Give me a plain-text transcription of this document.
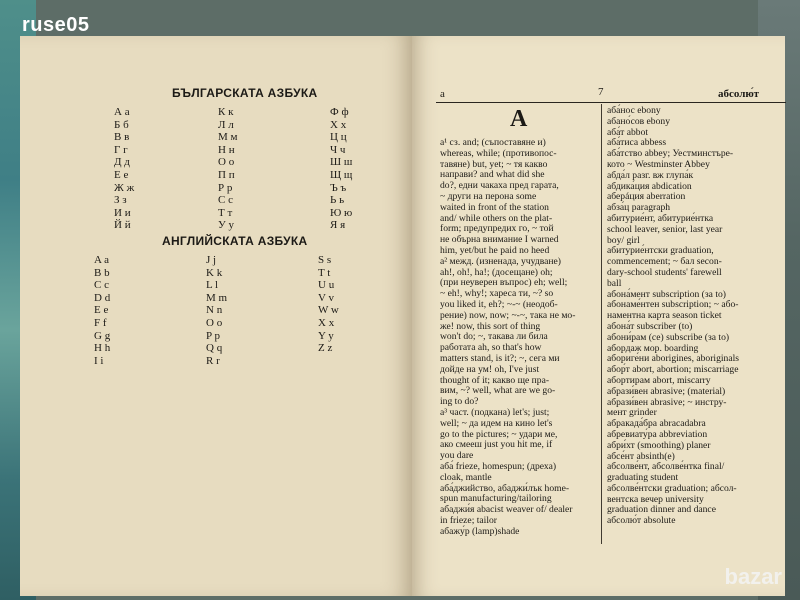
ruse05
bazar
БЪЛГАРСКАТА АЗБУКА
А а
Б б
В в
Г г
Д д
Е е
Ж ж
З з
И и
Й й
К к
Л л
М м
Н н
О о
П п
Р р
С с
Т т
У у
Ф ф
Х х
Ц ц
Ч ч
Ш ш
Щ щ
Ъ ъ
Ь ь
Ю ю
Я я
АНГЛИЙСКАТА АЗБУКА
A a
B b
C c
D d
E e
F f
G g
H h
I i
J j
K k
L l
M m
N n
O o
P p
Q q
R r
S s
T t
U u
V v
W w
X x
Y y
Z z
а	7	абсолю́т
А

а¹ сз. and; (съпоставяне и)

whereas, while; (противопос-

тавяне) but, yet; ~ тя какво

направи? and what did she

do?, едни чакаха пред гарата,

~ други на перона some

waited in front of the station

and/ while others on the plat-

form; предупредих го, ~ той

не обърна внимание I warned

him, yet/but he paid no heed

а² межд. (изненада, учудване)

ah!, oh!, ha!; (досещане) oh;

(при неуверен въпрос) eh; well;

~ eh!, why!; хареса ти, ~? so

you liked it, eh?; ~-~ (неодоб-

рение) now, now; ~-~, така не мо-

же! now, this sort of thing

won't do; ~, такава ли била

работата ah, so that's how

matters stand, is it?; ~, сега ми

дойде на ум! oh, I've just

thought of it; какво ще пра-

вим, ~? well, what are we go-

ing to do?

а³ част. (подкана) let's; just;

well; ~ да идем на кино let's

go to the pictures; ~ удари ме,

ако смееш just you hit me, if

you dare

аба́ frieze, homespun; (дреха)

cloak, mantle

аба́джийство, абаджи́лък home-

spun manufacturing/tailoring

абаджи́я abacist weaver of/ dealer

in frieze; tailor

абажу́р (lamp)shade

аба́нос ebony

абано́сов ebony

аба́т abbot

аба́тиса abbess

аба́тство abbey; Уестминстъре-

кото ~ Westminster Abbey

абда́л разг. вж глупа́к

абдика́ция abdication

аберáция aberration

абза́ц paragraph

абитурие́нт, абитурие́нтка

school leaver, senior, last year

boy/ girl

абитурие́нтски graduation,

commencement; ~ бал secon-

dary-school students' farewell

ball

абона́мент subscription (за to)

абонаме́нтен subscription; ~ або-

наментна карта season ticket

абона́т subscriber (to)

абони́рам (се) subscribe (за to)

абордаж мор. boarding

абориге́ни aborigines, aboriginals

абор́т abort, abortion; miscarriage

абортирам abort, miscarry

абрази́вен abrasive; (material)

абрази́вен abrasive; ~ инстру-

мент grinder

абракада́бра abracadabra

абревиату́ра abbreviation

абри́хт (smoothing) planer

абсе́нт absinth(e)

абсолве́нт, абсолве́нтка final/

graduating student

абсолве́нтски graduation; абсол-

вентска вечер university

graduation dinner and dance

абсолю́т absolute
